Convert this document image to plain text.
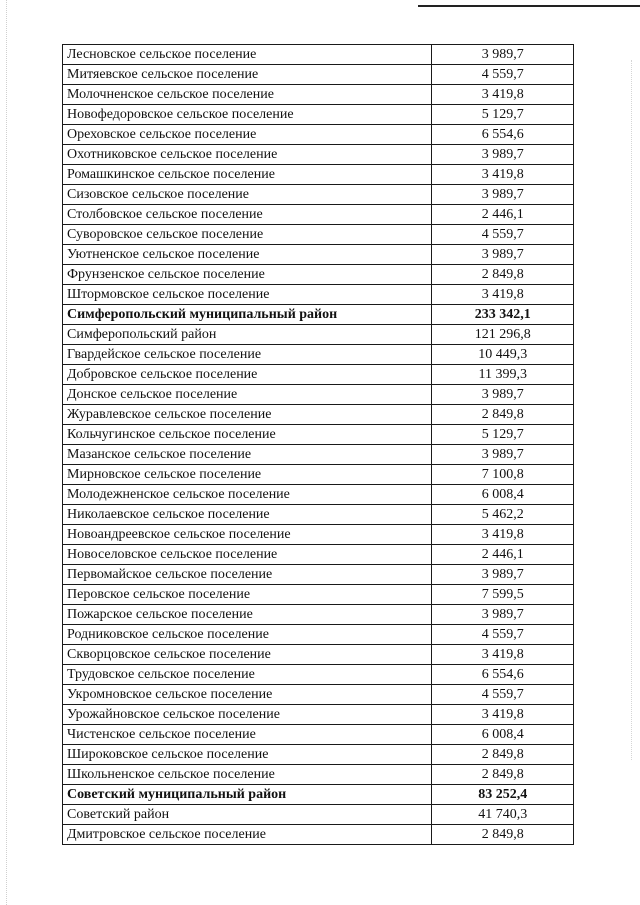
Лесновское сельское поселение	3 989,7
Митяевское сельское поселение	4 559,7
Молочненское сельское поселение	3 419,8
Новофедоровское сельское поселение	5 129,7
Ореховское сельское поселение	6 554,6
Охотниковское сельское поселение	3 989,7
Ромашкинское сельское поселение	3 419,8
Сизовское сельское поселение	3 989,7
Столбовское сельское поселение	2 446,1
Суворовское сельское поселение	4 559,7
Уютненское сельское поселение	3 989,7
Фрунзенское сельское поселение	2 849,8
Штормовское сельское поселение	3 419,8
Симферопольский муниципальный район	233 342,1
Симферопольский район	121 296,8
Гвардейское сельское поселение	10 449,3
Добровское сельское поселение	11 399,3
Донское сельское поселение	3 989,7
Журавлевское сельское поселение	2 849,8
Кольчугинское сельское поселение	5 129,7
Мазанское сельское поселение	3 989,7
Мирновское сельское поселение	7 100,8
Молодежненское сельское поселение	6 008,4
Николаевское сельское поселение	5 462,2
Новоандреевское сельское поселение	3 419,8
Новоселовское сельское поселение	2 446,1
Первомайское сельское поселение	3 989,7
Перовское сельское поселение	7 599,5
Пожарское сельское поселение	3 989,7
Родниковское сельское поселение	4 559,7
Скворцовское сельское поселение	3 419,8
Трудовское сельское поселение	6 554,6
Укромновское сельское поселение	4 559,7
Урожайновское сельское поселение	3 419,8
Чистенское сельское поселение	6 008,4
Широковское сельское поселение	2 849,8
Школьненское сельское поселение	2 849,8
Советский муниципальный район	83 252,4
Советский район	41 740,3
Дмитровское сельское поселение	2 849,8
